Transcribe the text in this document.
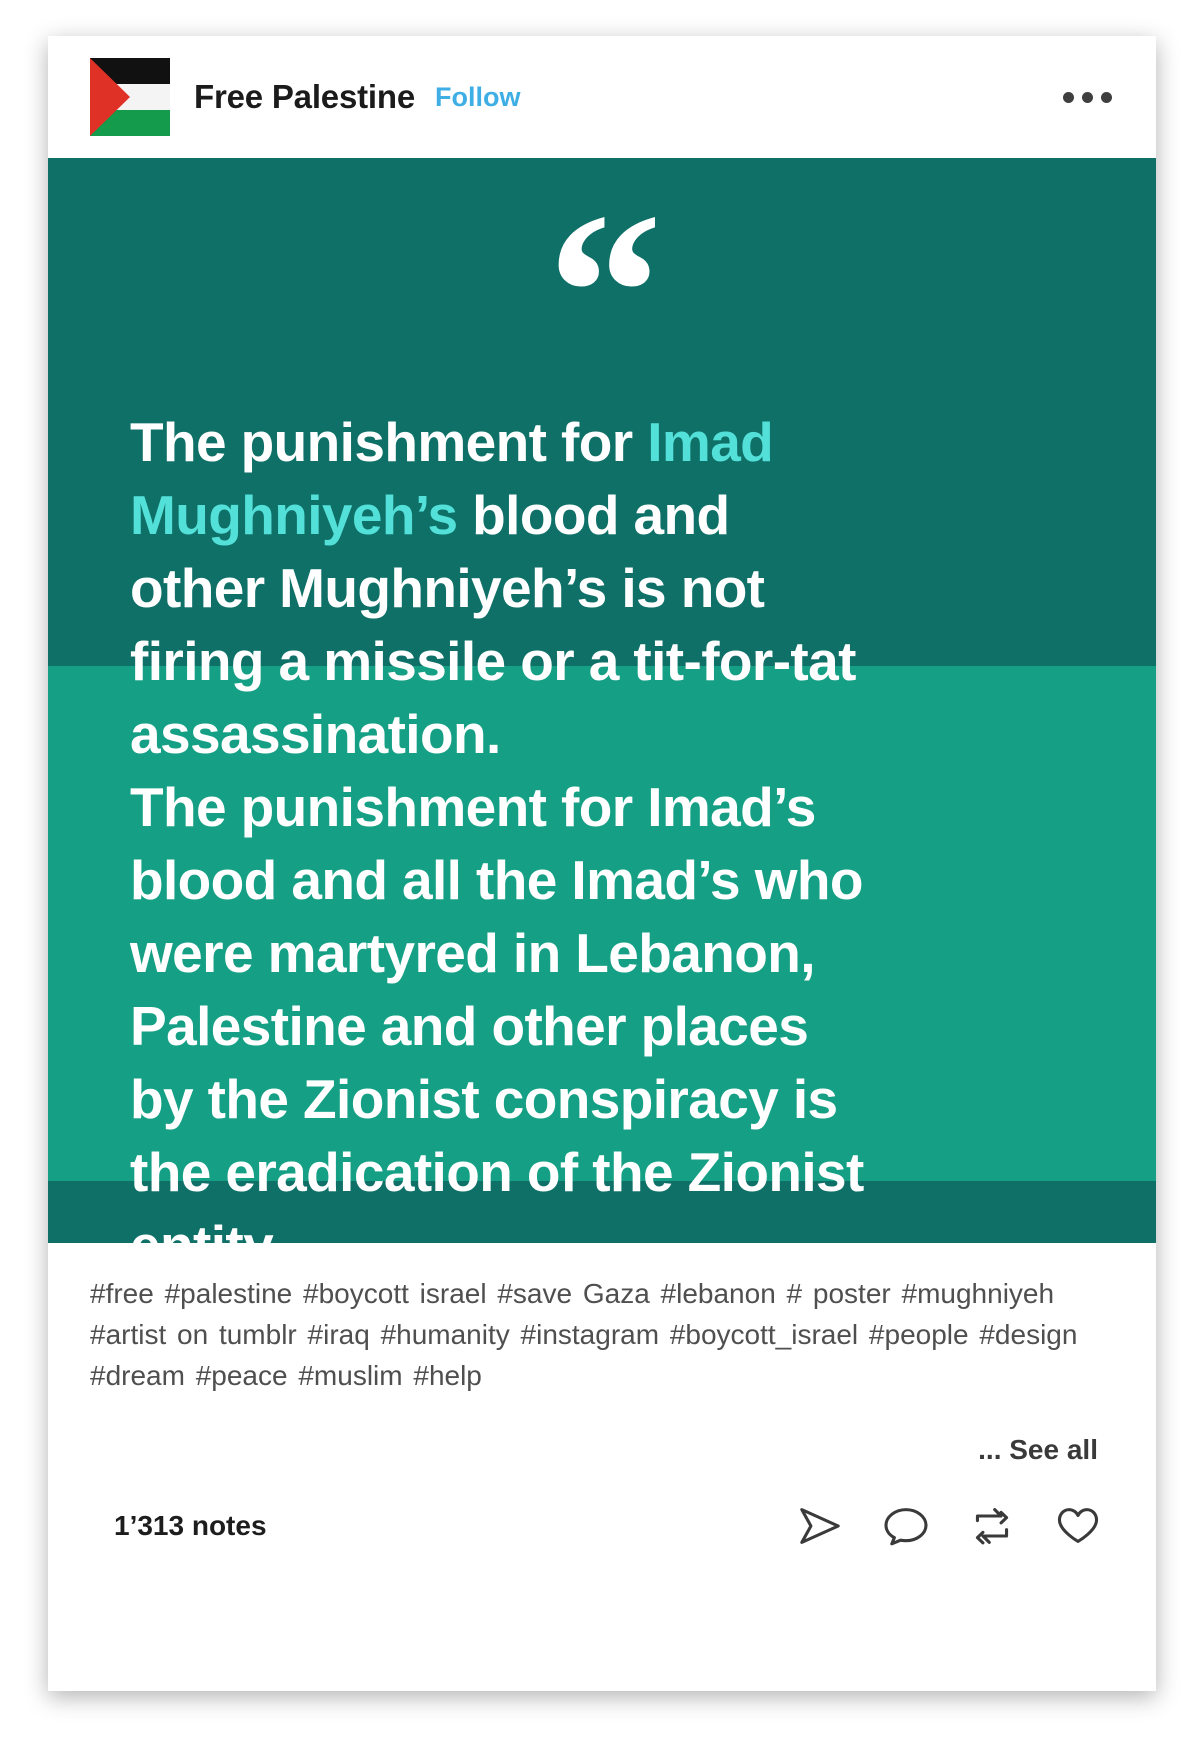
Free Palestine Follow
“
The punishment for Imad
Mughniyeh’s blood and
other Mughniyeh’s is not
firing a missile or a tit-for-tat
assassination.
The punishment for Imad’s
blood and all the Imad’s who
were martyred in Lebanon,
Palestine and other places
by the Zionist conspiracy is
the eradication of the Zionist
entity.
#free #palestine #boycott israel #save Gaza #lebanon # poster #mughniyeh #artist on tumblr #iraq #humanity #instagram #boycott_israel #people #design #dream #peace #muslim #help
... See all
1’313 notes
